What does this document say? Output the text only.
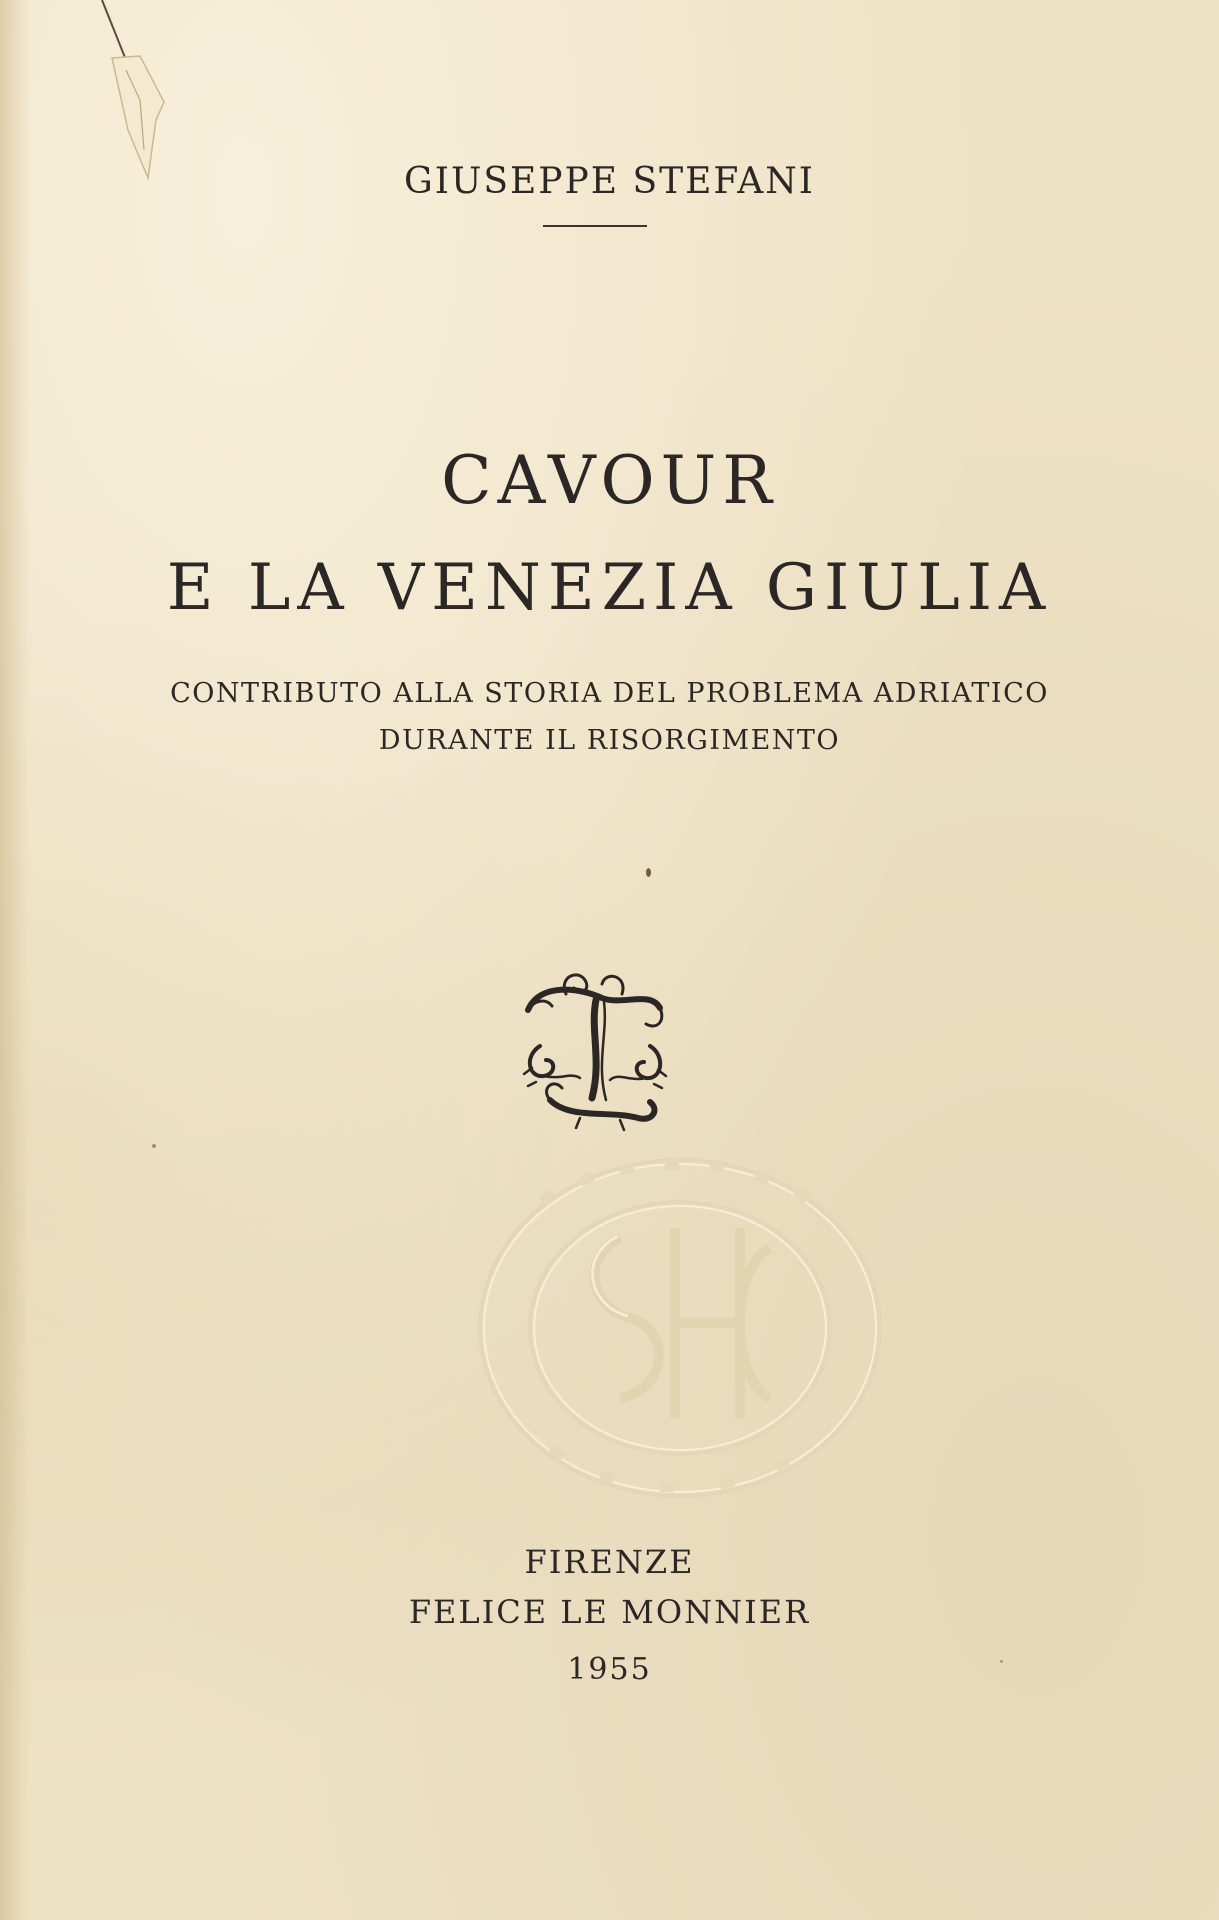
GIUSEPPE STEFANI
CAVOUR
E LA VENEZIA GIULIA
CONTRIBUTO ALLA STORIA DEL PROBLEMA ADRIATICO
DURANTE IL RISORGIMENTO
FIRENZE
FELICE LE MONNIER
1955
